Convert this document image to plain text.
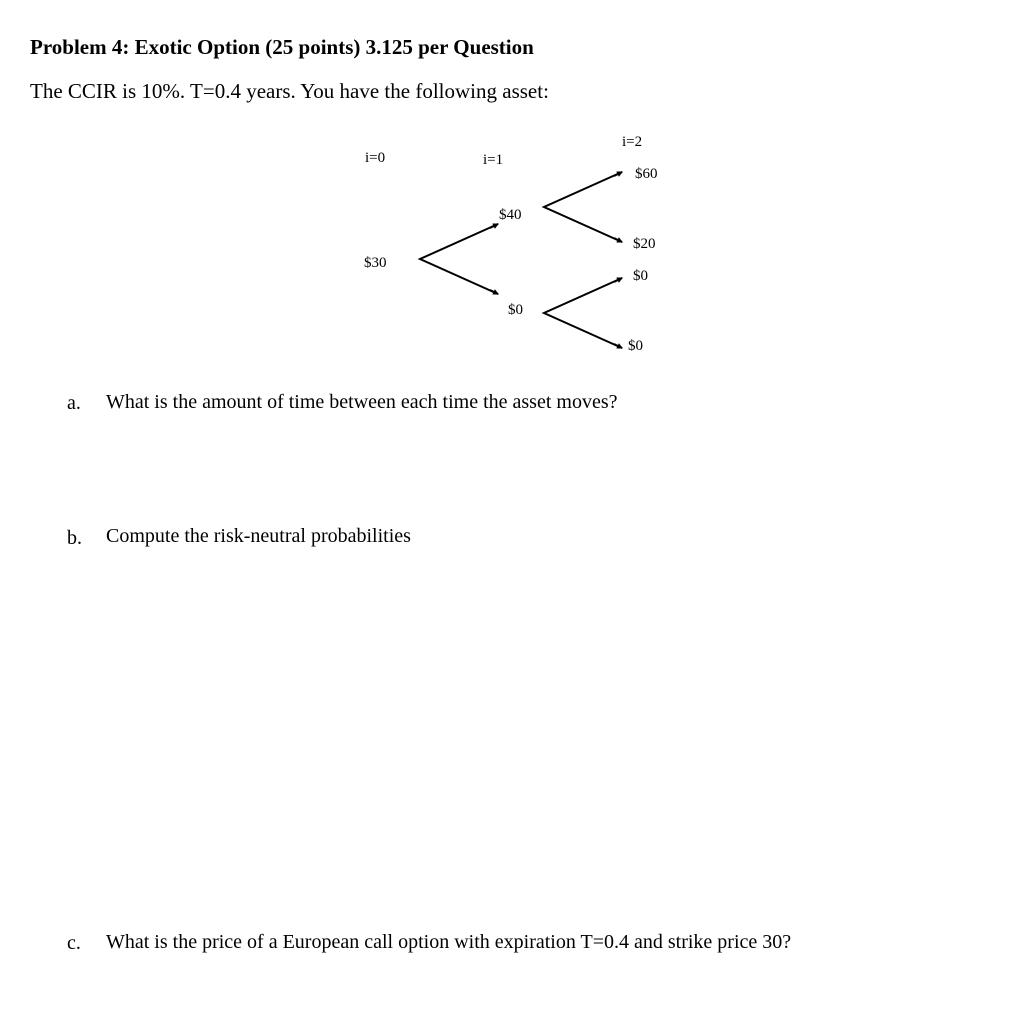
Problem 4: Exotic Option (25 points) 3.125 per Question
The CCIR is 10%. T=0.4 years. You have the following asset:
i=0	i=1
i=2
$30
$40
$0
$60
$20
$0
$0
a. What is the amount of time between each time the asset moves?
b. Compute the risk-neutral probabilities
c. What is the price of a European call option with expiration T=0.4 and strike price 30?
